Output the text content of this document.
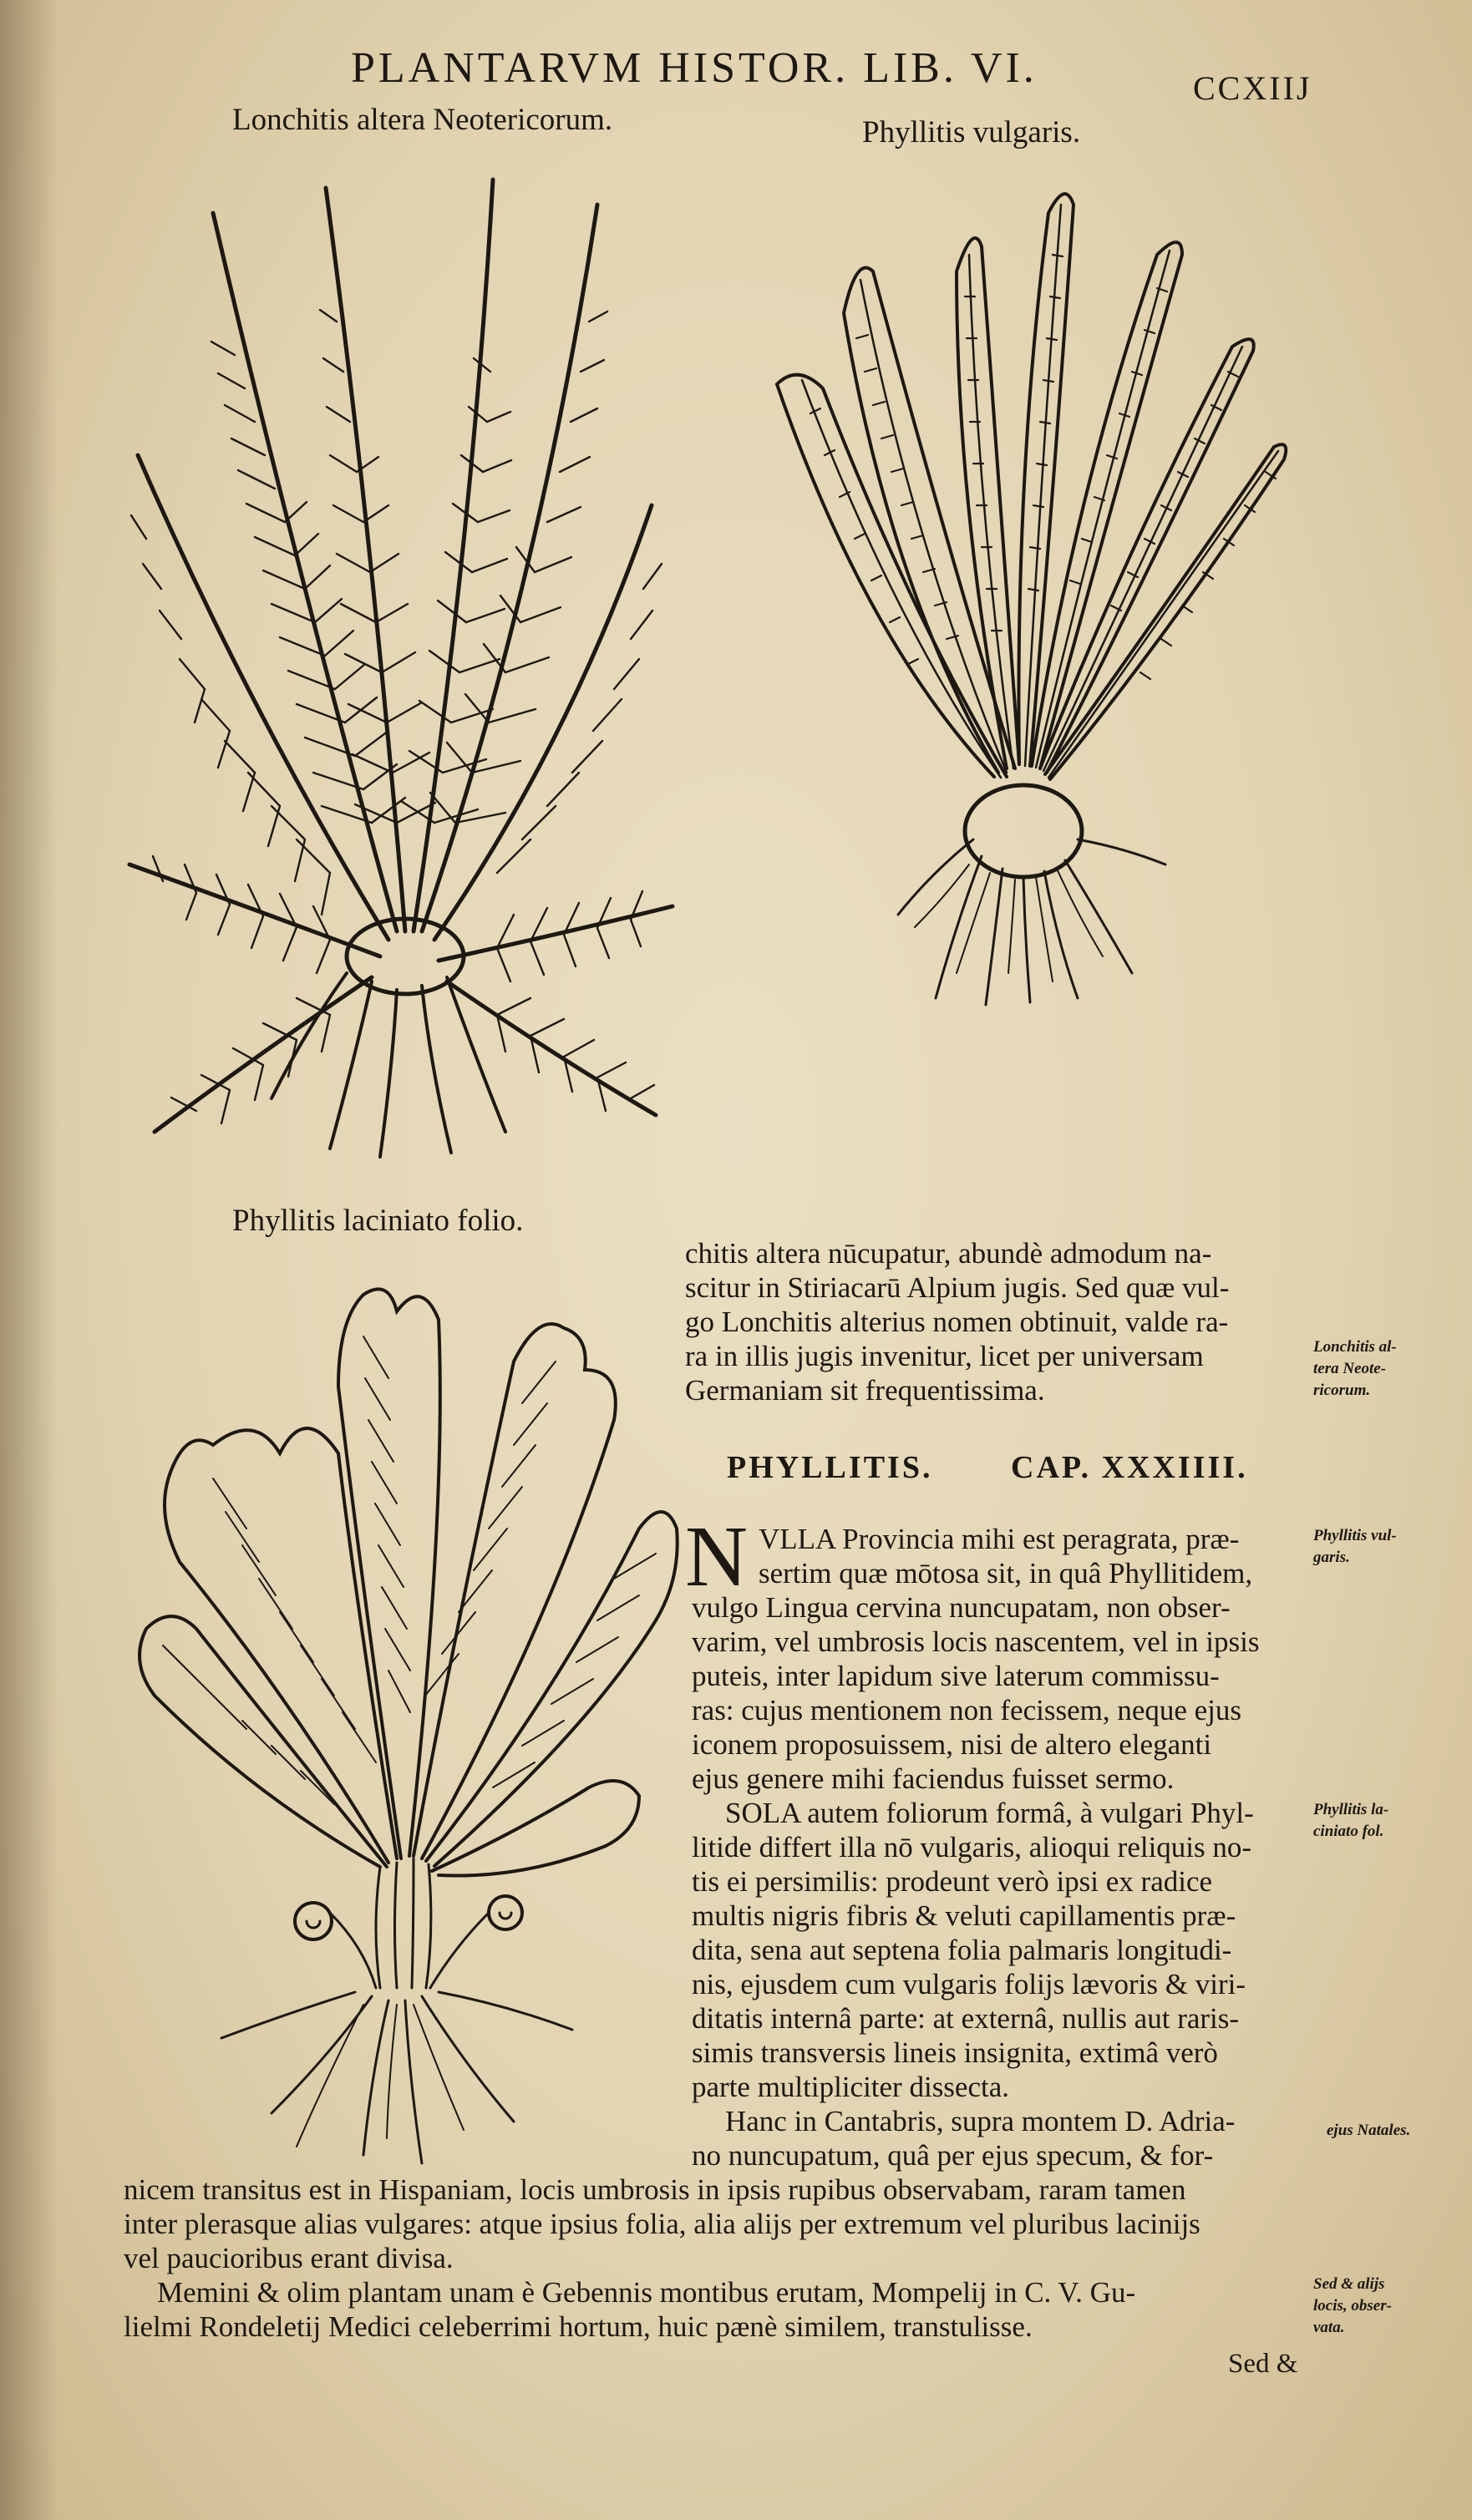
PLANTARVM HISTOR. LIB. VI.	CCXIIJ

Lonchitis altera Neotericorum.	Phyllitis vulgaris.

Phyllitis laciniato folio.

chitis altera nūcupatur, abundè admodum na-
scitur in Stiriacarū Alpium jugis. Sed quæ vul-
go Lonchitis alterius nomen obtinuit, valde ra-
ra in illis jugis invenitur, licet per universam
Germaniam sit frequentissima.
PHYLLITIS. CAP. XXXIIII.
N VLLA Provincia mihi est peragrata, præ-
sertim quæ mōtosa sit, in quâ Phyllitidem,
vulgo Lingua cervina nuncupatam, non obser-
varim, vel umbrosis locis nascentem, vel in ipsis
puteis, inter lapidum sive laterum commissu-
ras: cujus mentionem non fecissem, neque ejus
iconem proposuissem, nisi de altero eleganti
ejus genere mihi faciendus fuisset sermo.
SOLA autem foliorum formâ, à vulgari Phyl-
litide differt illa nō vulgaris, alioqui reliquis no-
tis ei persimilis: prodeunt verò ipsi ex radice
multis nigris fibris & veluti capillamentis præ-
dita, sena aut septena folia palmaris longitudi-
nis, ejusdem cum vulgaris folijs lævoris & viri-
ditatis internâ parte: at externâ, nullis aut raris-
simis transversis lineis insignita, extimâ verò
parte multipliciter dissecta.
Hanc in Cantabris, supra montem D. Adria-
no nuncupatum, quâ per ejus specum, & for-
nicem transitus est in Hispaniam, locis umbrosis in ipsis rupibus observabam, raram tamen
inter plerasque alias vulgares: atque ipsius folia, alia alijs per extremum vel pluribus lacinijs
vel paucioribus erant divisa.
Memini & olim plantam unam è Gebennis montibus erutam, Mompelij in C. V. Gu-
lielmi Rondeletij Medici celeberrimi hortum, huic pænè similem, transtulisse.
Sed &
Lonchitis al-
tera Neote-
ricorum.
Phyllitis vul-
garis.
Phyllitis la-
ciniato fol.
ejus Natales.
Sed & alijs
locis, obser-
vata.
